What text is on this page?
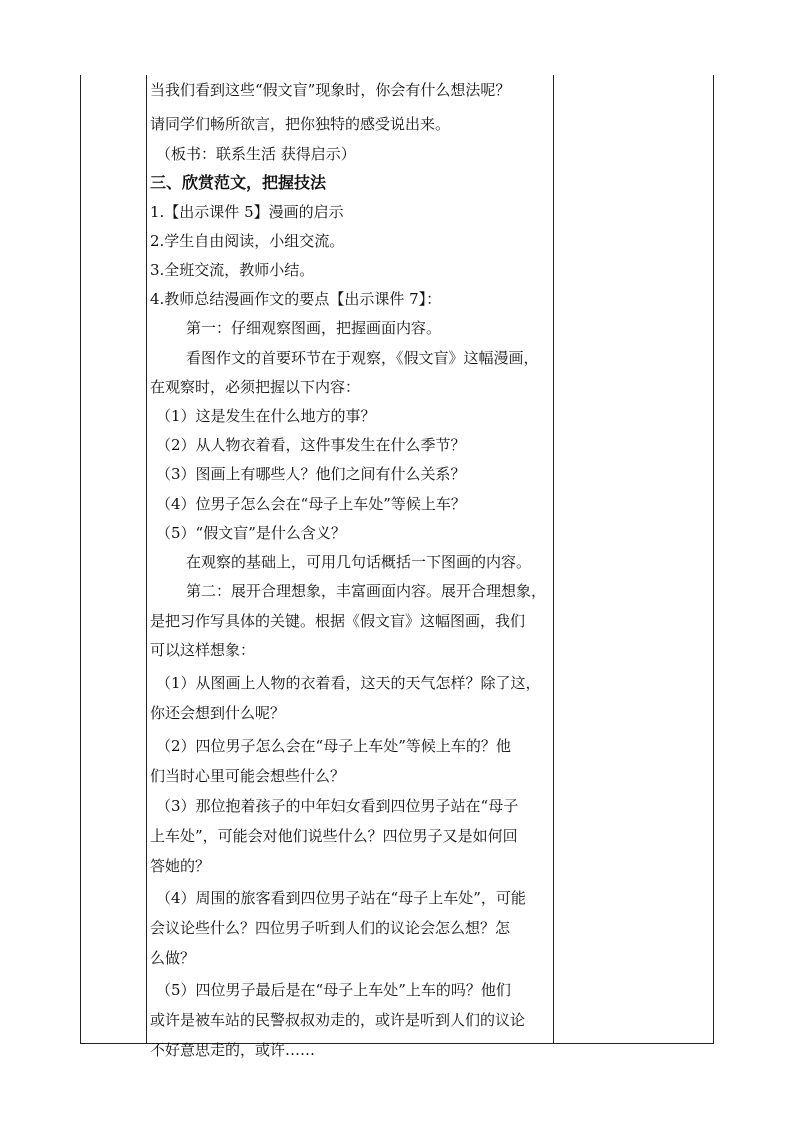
当我们看到这些“假文盲”现象时，你会有什么想法呢？
请同学们畅所欲言，把你独特的感受说出来。
（板书：联系生活 获得启示）
三、欣赏范文，把握技法
1.【出示课件 5】漫画的启示
2.学生自由阅读，小组交流。
3.全班交流，教师小结。
4.教师总结漫画作文的要点【出示课件 7】：
第一：仔细观察图画，把握画面内容。
看图作文的首要环节在于观察，《假文盲》这幅漫画，
在观察时，必须把握以下内容：
（1）这是发生在什么地方的事？
（2）从人物衣着看，这件事发生在什么季节？
（3）图画上有哪些人？他们之间有什么关系？
（4）位男子怎么会在“母子上车处”等候上车？
（5）“假文盲”是什么含义？
在观察的基础上，可用几句话概括一下图画的内容。
第二：展开合理想象，丰富画面内容。展开合理想象，
是把习作写具体的关键。根据《假文盲》这幅图画，我们
可以这样想象：
（1）从图画上人物的衣着看，这天的天气怎样？除了这，
你还会想到什么呢？
（2）四位男子怎么会在“母子上车处”等候上车的？他
们当时心里可能会想些什么？
（3）那位抱着孩子的中年妇女看到四位男子站在“母子
上车处”，可能会对他们说些什么？四位男子又是如何回
答她的？
（4）周围的旅客看到四位男子站在“母子上车处”，可能
会议论些什么？四位男子听到人们的议论会怎么想？怎
么做？
（5）四位男子最后是在“母子上车处”上车的吗？他们
或许是被车站的民警叔叔劝走的，或许是听到人们的议论
不好意思走的，或许……
